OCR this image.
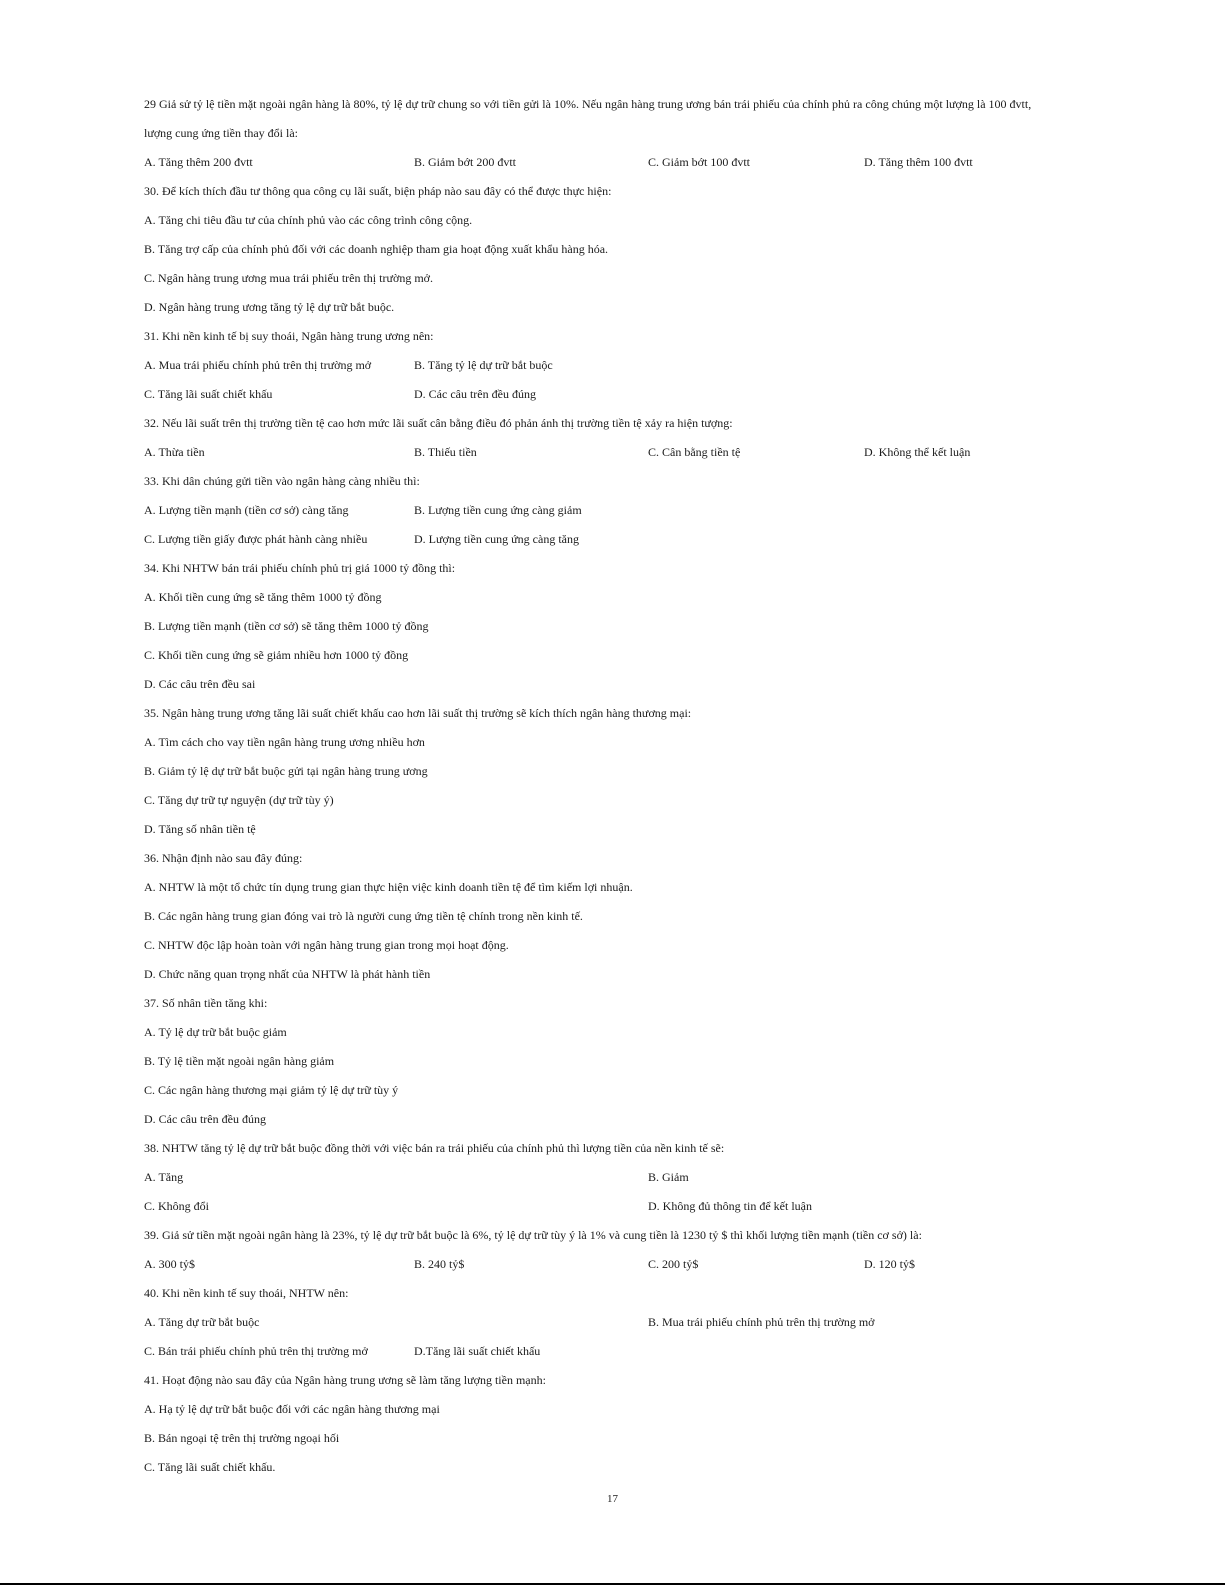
29 Giả sử tỷ lệ tiền mặt ngoài ngân hàng là 80%, tỷ lệ dự trữ chung so với tiền gửi là 10%. Nếu ngân hàng trung ương bán trái phiếu của chính phủ ra công chúng một lượng là 100 đvtt,
lượng cung ứng tiền thay đổi là:
A. Tăng thêm 200 đvtt	B. Giảm bớt 200 đvtt	C. Giảm bớt 100 đvtt	D. Tăng thêm 100 đvtt
30. Để kích thích đầu tư thông qua công cụ lãi suất, biện pháp nào sau đây có thể được thực hiện:
A. Tăng chi tiêu đầu tư của chính phủ vào các công trình công cộng.
B. Tăng trợ cấp của chính phủ đối với các doanh nghiệp tham gia hoạt động xuất khẩu hàng hóa.
C. Ngân hàng trung ương mua trái phiếu trên thị trường mở.
D. Ngân hàng trung ương tăng tỷ lệ dự trữ bắt buộc.
31. Khi nền kinh tế bị suy thoái, Ngân hàng trung ương nên:
A. Mua trái phiếu chính phủ trên thị trường mở	B. Tăng tỷ lệ dự trữ bắt buộc
C. Tăng lãi suất chiết khấu	D. Các câu trên đều đúng
32. Nếu lãi suất trên thị trường tiền tệ cao hơn mức lãi suất cân bằng điều đó phản ánh thị trường tiền tệ xảy ra hiện tượng:
A. Thừa tiền	B. Thiếu tiền	C. Cân bằng tiền tệ	D. Không thể kết luận
33. Khi dân chúng gửi tiền vào ngân hàng càng nhiều thì:
A. Lượng tiền mạnh (tiền cơ sở) càng tăng	B. Lượng tiền cung ứng càng giảm
C. Lượng tiền giấy được phát hành càng nhiều	D. Lượng tiền cung ứng càng tăng
34. Khi NHTW bán trái phiếu chính phủ trị giá 1000 tỷ đồng thì:
A. Khối tiền cung ứng sẽ tăng thêm 1000 tỷ đồng
B. Lượng tiền mạnh (tiền cơ sở) sẽ tăng thêm 1000 tỷ đồng
C. Khối tiền cung ứng sẽ giảm nhiều hơn 1000 tỷ đồng
D. Các câu trên đều sai
35. Ngân hàng trung ương tăng lãi suất chiết khấu cao hơn lãi suất thị trường sẽ kích thích ngân hàng thương mại:
A. Tìm cách cho vay tiền ngân hàng trung ương nhiều hơn
B. Giảm tỷ lệ dự trữ bắt buộc gửi tại ngân hàng trung ương
C. Tăng dự trữ tự nguyện (dự trữ tùy ý)
D. Tăng số nhân tiền tệ
36. Nhận định nào sau đây đúng:
A. NHTW là một tổ chức tín dụng trung gian thực hiện việc kinh doanh tiền tệ để tìm kiếm lợi nhuận.
B. Các ngân hàng trung gian đóng vai trò là người cung ứng tiền tệ chính trong nền kinh tế.
C. NHTW độc lập hoàn toàn với ngân hàng trung gian trong mọi hoạt động.
D. Chức năng quan trọng nhất của NHTW là phát hành tiền
37. Số nhân tiền tăng khi:
A. Tỷ lệ dự trữ bắt buộc giảm
B. Tỷ lệ tiền mặt ngoài ngân hàng giảm
C. Các ngân hàng thương mại giảm tỷ lệ dự trữ tùy ý
D. Các câu trên đều đúng
38. NHTW tăng tỷ lệ dự trữ bắt buộc đồng thời với việc bán ra trái phiếu của chính phủ thì lượng tiền của nền kinh tế sẽ:
A. Tăng	B. Giảm
C. Không đổi	D. Không đủ thông tin để kết luận
39. Giả sử tiền mặt ngoài ngân hàng là 23%, tỷ lệ dự trữ bắt buộc là 6%, tỷ lệ dự trữ tùy ý là 1% và cung tiền là 1230 tỷ $ thì khối lượng tiền mạnh (tiền cơ sở) là:
A. 300 tỷ$	B. 240 tỷ$	C. 200 tỷ$	D. 120 tỷ$
40. Khi nền kinh tế suy thoái, NHTW nên:
A. Tăng dự trữ bắt buộc	B. Mua trái phiếu chính phủ trên thị trường mở
C. Bán trái phiếu chính phủ trên thị trường mở	D.Tăng lãi suất chiết khấu
41. Hoạt động nào sau đây của Ngân hàng trung ương sẽ làm tăng lượng tiền mạnh:
A. Hạ tỷ lệ dự trữ bắt buộc đối với các ngân hàng thương mại
B. Bán ngoại tệ trên thị trường ngoại hối
C. Tăng lãi suất chiết khấu.
17
